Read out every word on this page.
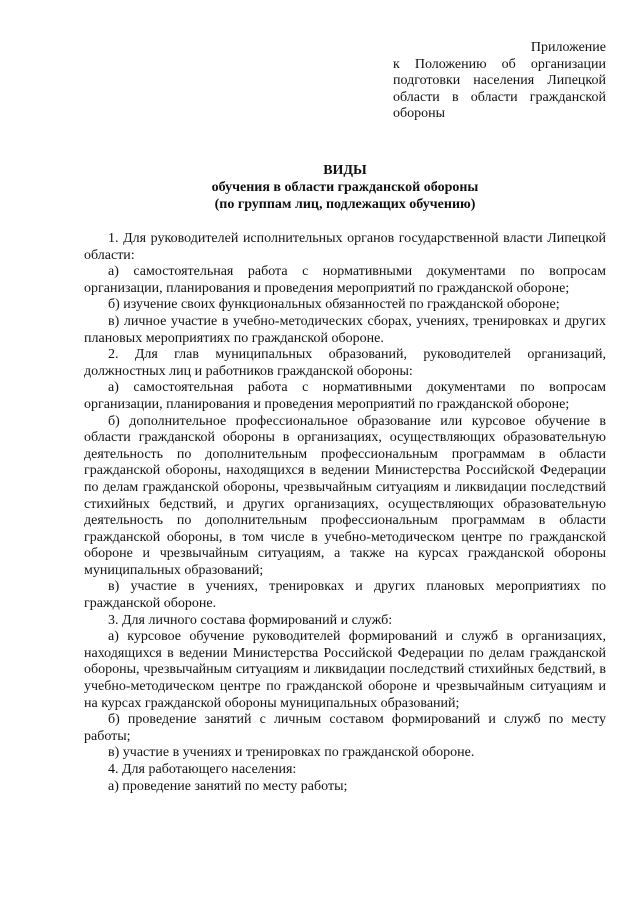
Приложение

к Положению об организации

подготовки населения Липецкой

области в области гражданской

обороны

ВИДЫ
обучения в области гражданской обороны
(по группам лиц, подлежащих обучению)

1. Для руководителей исполнительных органов государственной власти Липецкой области:

а) самостоятельная работа с нормативными документами по вопросам организации, планирования и проведения мероприятий по гражданской обороне;

б) изучение своих функциональных обязанностей по гражданской обороне;

в) личное участие в учебно-методических сборах, учениях, тренировках и других плановых мероприятиях по гражданской обороне.

2. Для глав муниципальных образований, руководителей организаций, должностных лиц и работников гражданской обороны:

а) самостоятельная работа с нормативными документами по вопросам организации, планирования и проведения мероприятий по гражданской обороне;

б) дополнительное профессиональное образование или курсовое обучение в области гражданской обороны в организациях, осуществляющих образовательную деятельность по дополнительным профессиональным программам в области гражданской обороны, находящихся в ведении Министерства Российской Федерации по делам гражданской обороны, чрезвычайным ситуациям и ликвидации последствий стихийных бедствий, и других организациях, осуществляющих образовательную деятельность по дополнительным профессиональным программам в области гражданской обороны, в том числе в учебно-методическом центре по гражданской обороне и чрезвычайным ситуациям, а также на курсах гражданской обороны муниципальных образований;

в) участие в учениях, тренировках и других плановых мероприятиях по гражданской обороне.

3. Для личного состава формирований и служб:

а) курсовое обучение руководителей формирований и служб в организациях, находящихся в ведении Министерства Российской Федерации по делам гражданской обороны, чрезвычайным ситуациям и ликвидации последствий стихийных бедствий, в учебно-методическом центре по гражданской обороне и чрезвычайным ситуациям и на курсах гражданской обороны муниципальных образований;

б) проведение занятий с личным составом формирований и служб по месту работы;

в) участие в учениях и тренировках по гражданской обороне.

4. Для работающего населения:

а) проведение занятий по месту работы;
